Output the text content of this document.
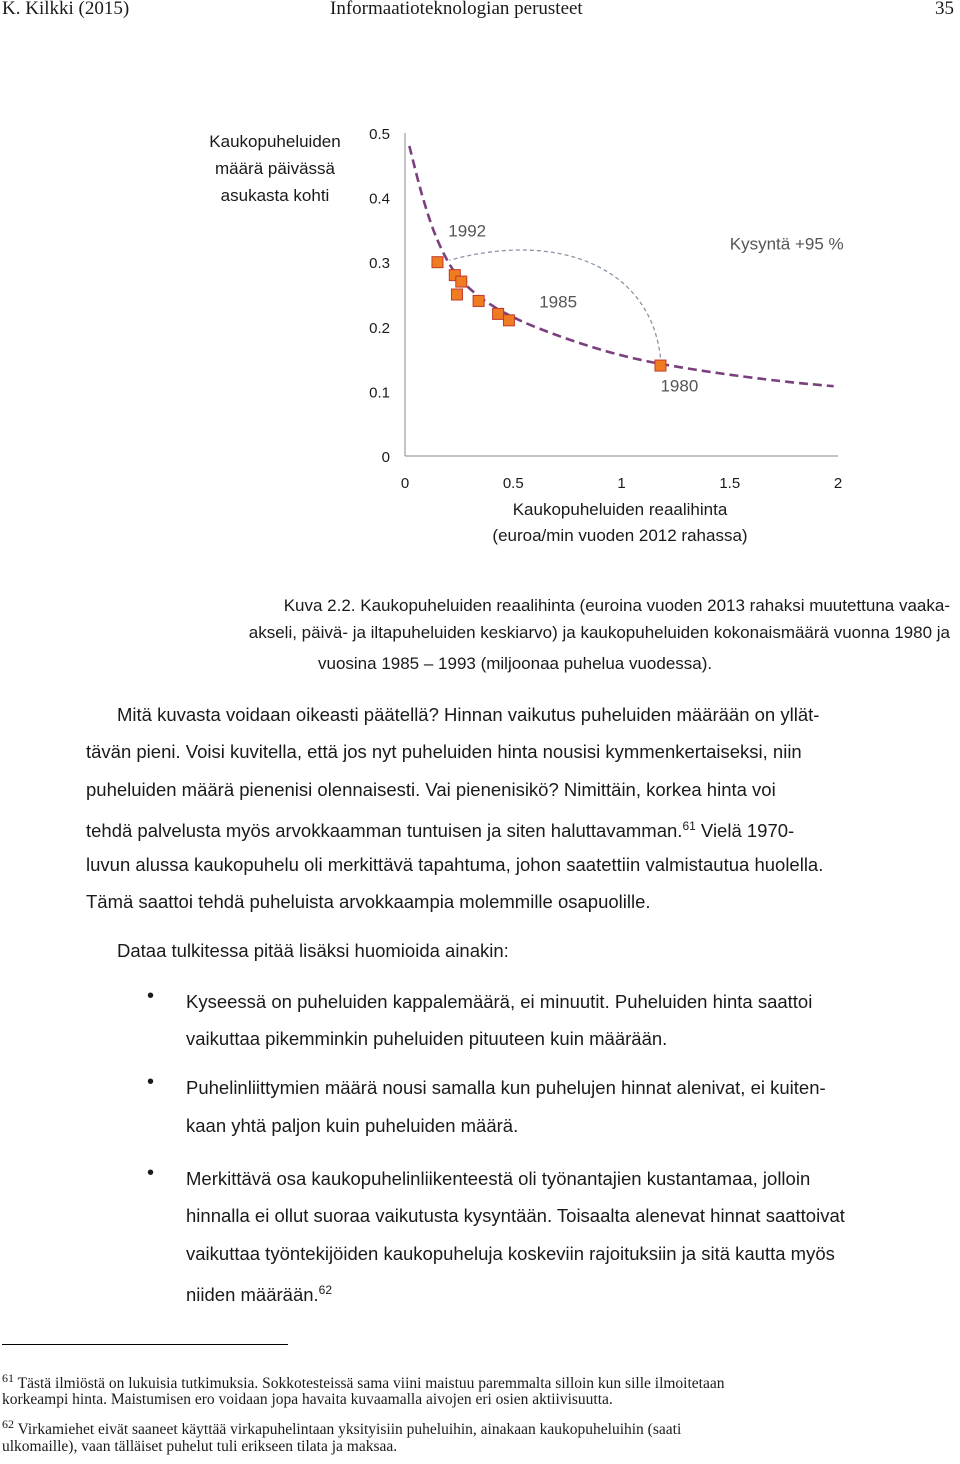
K. Kilkki (2015)	Informaatioteknologian perusteet	35
Kaukopuheluiden
määrä päivässä
asukasta kohti
0
0.1
0.2
0.3
0.4
0.5
0	0.5	1	1.5	2
1992
1985
1980
Kysyntä +95 %
Kaukopuheluiden reaalihinta
(euroa/min vuoden 2012 rahassa)
Kuva 2.2. Kaukopuheluiden reaalihinta (euroina vuoden 2013 rahaksi muutettuna vaaka-
akseli, päivä- ja iltapuheluiden keskiarvo) ja kaukopuheluiden kokonaismäärä vuonna 1980 ja
vuosina 1985 – 1993 (miljoonaa puhelua vuodessa).
Mitä kuvasta voidaan oikeasti päätellä? Hinnan vaikutus puheluiden määrään on yllät-
tävän pieni. Voisi kuvitella, että jos nyt puheluiden hinta nousisi kymmenkertaiseksi, niin
puheluiden määrä pienenisi olennaisesti. Vai pienenisikö? Nimittäin, korkea hinta voi
tehdä palvelusta myös arvokkaamman tuntuisen ja siten haluttavamman.$^{61}$ Vielä 1970-
luvun alussa kaukopuhelu oli merkittävä tapahtuma, johon saatettiin valmistautua huolella.
Tämä saattoi tehdä puheluista arvokkaampia molemmille osapuolille.
Dataa tulkitessa pitää lisäksi huomioida ainakin:
• Kyseessä on puheluiden kappalemäärä, ei minuutit. Puheluiden hinta saattoi
vaikuttaa pikemminkin puheluiden pituuteen kuin määrään.
• Puhelinliittymien määrä nousi samalla kun puhelujen hinnat alenivat, ei kuiten-
kaan yhtä paljon kuin puheluiden määrä.
• Merkittävä osa kaukopuhelinliikenteestä oli työnantajien kustantamaa, jolloin
hinnalla ei ollut suoraa vaikutusta kysyntään. Toisaalta alenevat hinnat saattoivat
vaikuttaa työntekijöiden kaukopuheluja koskeviin rajoituksiin ja sitä kautta myös
niiden määrään.$^{62}$
$^{61}$ Tästä ilmiöstä on lukuisia tutkimuksia. Sokkotesteissä sama viini maistuu paremmalta silloin kun sille ilmoitetaan
korkeampi hinta. Maistumisen ero voidaan jopa havaita kuvaamalla aivojen eri osien aktiivisuutta.
$^{62}$ Virkamiehet eivät saaneet käyttää virkapuhelintaan yksityisiin puheluihin, ainakaan kaukopuheluihin (saati
ulkomaille), vaan tälläiset puhelut tuli erikseen tilata ja maksaa.
